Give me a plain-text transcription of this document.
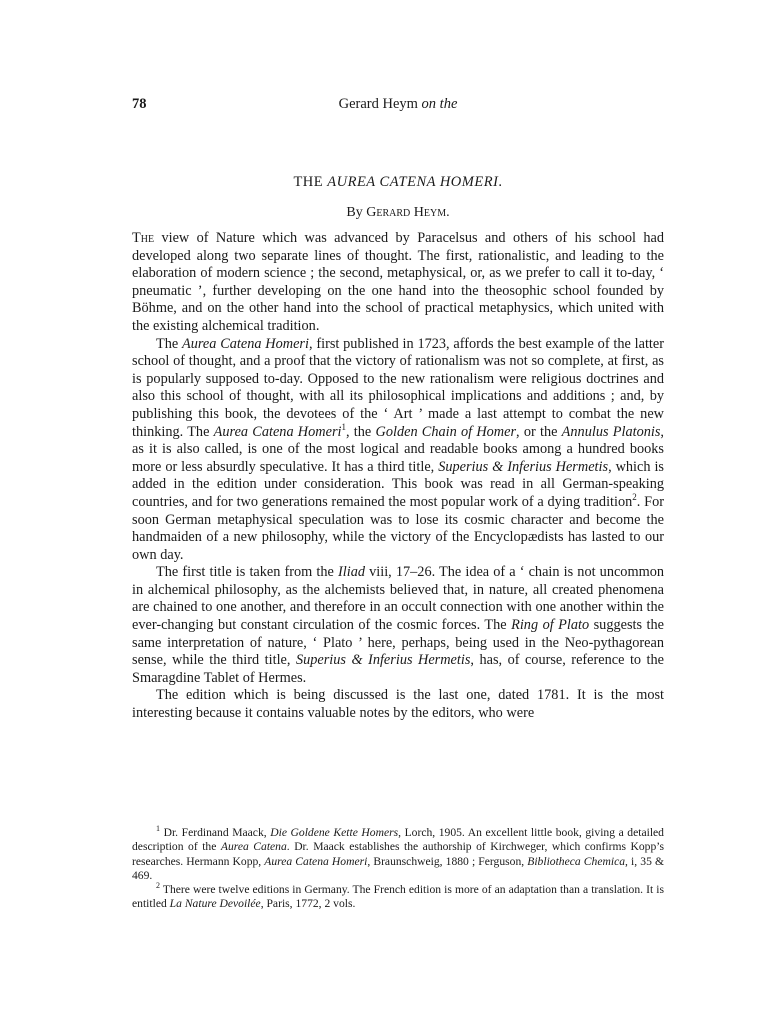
78	Gerard Heym on the
THE AUREA CATENA HOMERI.
By Gerard Heym.

The view of Nature which was advanced by Paracelsus and others of his school had developed along two separate lines of thought. The first, rationalistic, and leading to the elaboration of modern science ; the second, metaphysical, or, as we prefer to call it to-day, ‘ pneumatic ’, further developing on the one hand into the theosophic school founded by Böhme, and on the other hand into the school of practical metaphysics, which united with the existing alchemical tradition.

The Aurea Catena Homeri, first published in 1723, affords the best example of the latter school of thought, and a proof that the victory of rationalism was not so complete, at first, as is popularly supposed to-day. Opposed to the new rationalism were religious doctrines and also this school of thought, with all its philosophical implications and additions ; and, by publishing this book, the devotees of the ‘ Art ’ made a last attempt to combat the new thinking. The Aurea Catena Homeri$^1$, the Golden Chain of Homer, or the Annulus Platonis, as it is also called, is one of the most logical and readable books among a hundred books more or less absurdly speculative. It has a third title, Superius & Inferius Hermetis, which is added in the edition under consideration. This book was read in all German-speaking countries, and for two generations remained the most popular work of a dying tradition$^2$. For soon German metaphysical speculation was to lose its cosmic character and become the handmaiden of a new philosophy, while the victory of the Encyclopædists has lasted to our own day.

The first title is taken from the Iliad viii, 17–26. The idea of a ‘ chain is not uncommon in alchemical philosophy, as the alchemists believed that, in nature, all created phenomena are chained to one another, and therefore in an occult connection with one another within the ever-changing but constant circulation of the cosmic forces. The Ring of Plato suggests the same interpretation of nature, ‘ Plato ’ here, perhaps, being used in the Neo-pythagorean sense, while the third title, Superius & Inferius Hermetis, has, of course, reference to the Smaragdine Tablet of Hermes.

The edition which is being discussed is the last one, dated 1781. It is the most interesting because it contains valuable notes by the editors, who were

$^1$ Dr. Ferdinand Maack, Die Goldene Kette Homers, Lorch, 1905. An excellent little book, giving a detailed description of the Aurea Catena. Dr. Maack establishes the authorship of Kirchweger, which confirms Kopp’s researches. Hermann Kopp, Aurea Catena Homeri, Braunschweig, 1880 ; Ferguson, Bibliotheca Chemica, i, 35 & 469.

$^2$ There were twelve editions in Germany. The French edition is more of an adaptation than a translation. It is entitled La Nature Devoilée, Paris, 1772, 2 vols.
